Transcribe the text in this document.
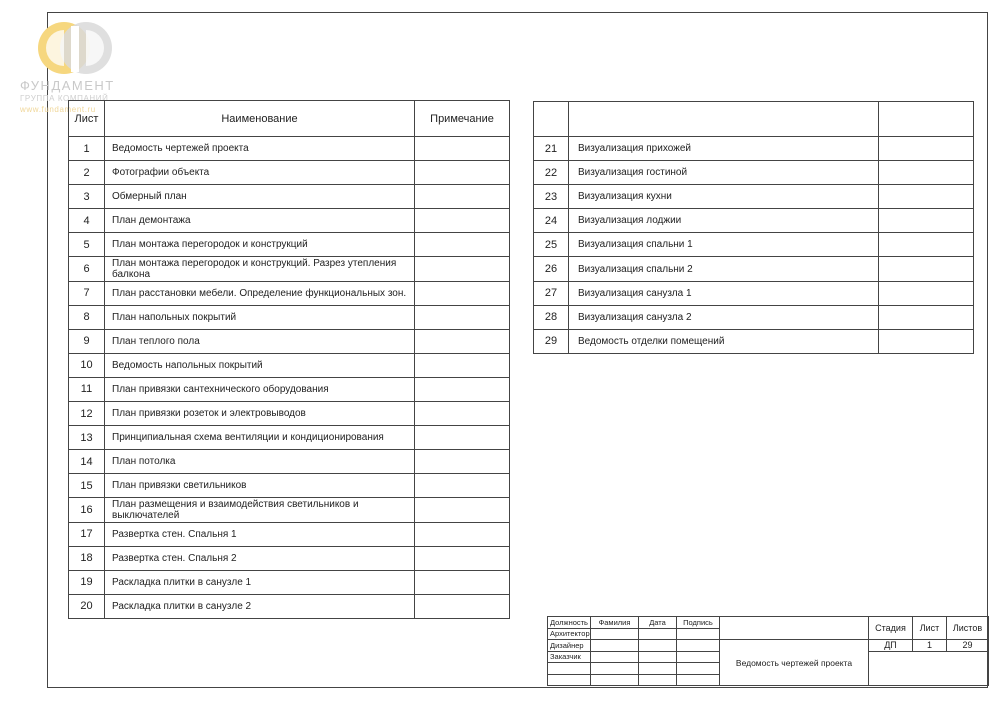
ФУНДАМЕНТ
ГРУППА КОМПАНИЙ
www.fundament.ru
Лист	Наименование	Примечание
1	Ведомость чертежей проекта	
2	Фотографии объекта	
3	Обмерный план	
4	План демонтажа	
5	План монтажа перегородок и конструкций	
6	План монтажа перегородок и конструкций. Разрез утепления балкона	
7	План расстановки мебели. Определение функциональных зон.	
8	План напольных покрытий	
9	План теплого пола	
10	Ведомость напольных покрытий	
11	План привязки сантехнического оборудования	
12	План привязки розеток и электровыводов	
13	Принципиальная схема вентиляции и кондиционирования	
14	План потолка	
15	План привязки светильников	
16	План размещения и взаимодействия светильников и выключателей	
17	Развертка стен. Спальня 1	
18	Развертка стен. Спальня 2	
19	Раскладка плитки в санузле 1	
20	Раскладка плитки в санузле 2	

21	Визуализация прихожей	
22	Визуализация гостиной	
23	Визуализация кухни	
24	Визуализация лоджии	
25	Визуализация спальни 1	
26	Визуализация спальни 2	
27	Визуализация санузла 1	
28	Визуализация санузла 2	
29	Ведомость отделки помещений	
Должность	Фамилия	Дата	Подпись		Стадия	Лист	Листов
Архитектор							
Дизайнер				Ведомость чертежей проекта	ДП	1	29
Заказчик							
